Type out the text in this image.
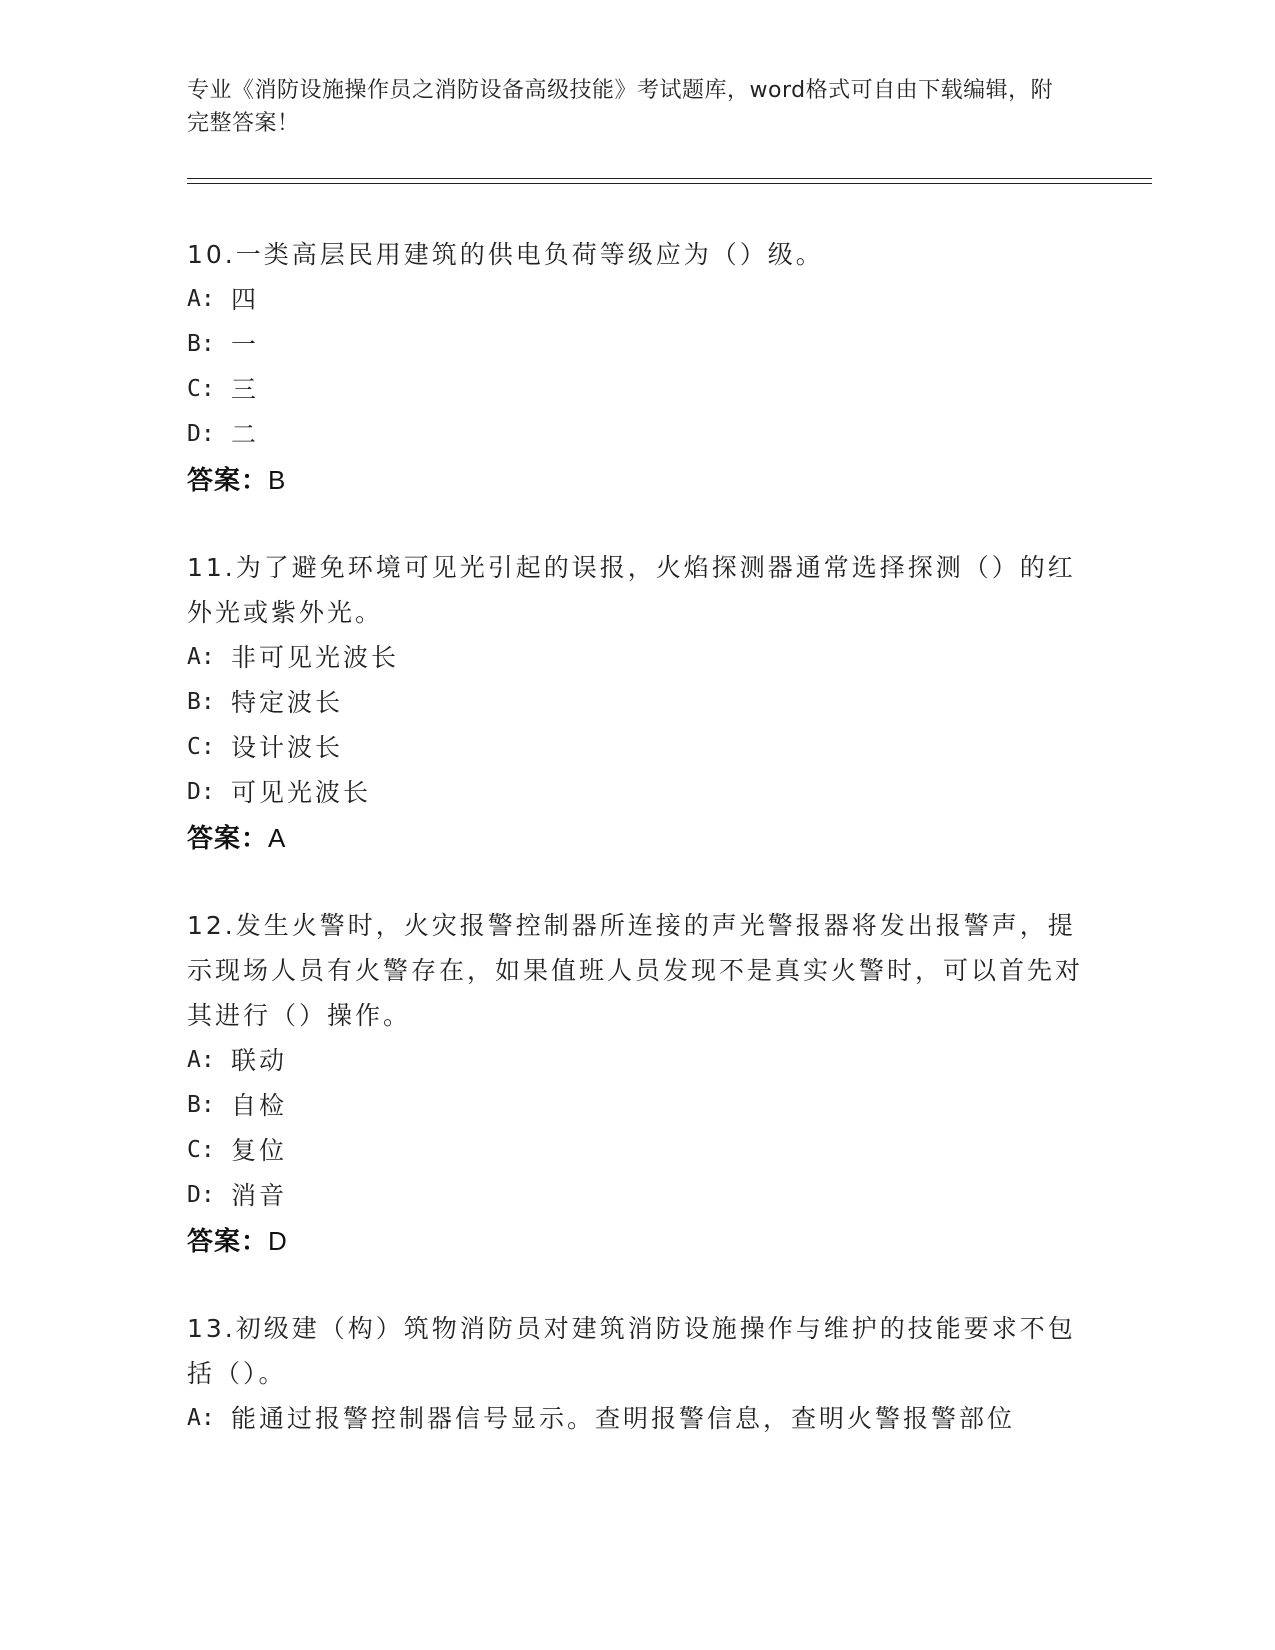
专业《消防设施操作员之消防设备高级技能》考试题库，word格式可自由下载编辑，附完整答案！
10.一类高层民用建筑的供电负荷等级应为（）级。
A: 四
B: 一
C: 三
D: 二
答案：B
11.为了避免环境可见光引起的误报，火焰探测器通常选择探测（）的红外光或紫外光。
A: 非可见光波长
B: 特定波长
C: 设计波长
D: 可见光波长
答案：A
12.发生火警时，火灾报警控制器所连接的声光警报器将发出报警声，提示现场人员有火警存在，如果值班人员发现不是真实火警时，可以首先对其进行（）操作。
A: 联动
B: 自检
C: 复位
D: 消音
答案：D
13.初级建（构）筑物消防员对建筑消防设施操作与维护的技能要求不包括（）。
A: 能通过报警控制器信号显示。查明报警信息，查明火警报警部位
